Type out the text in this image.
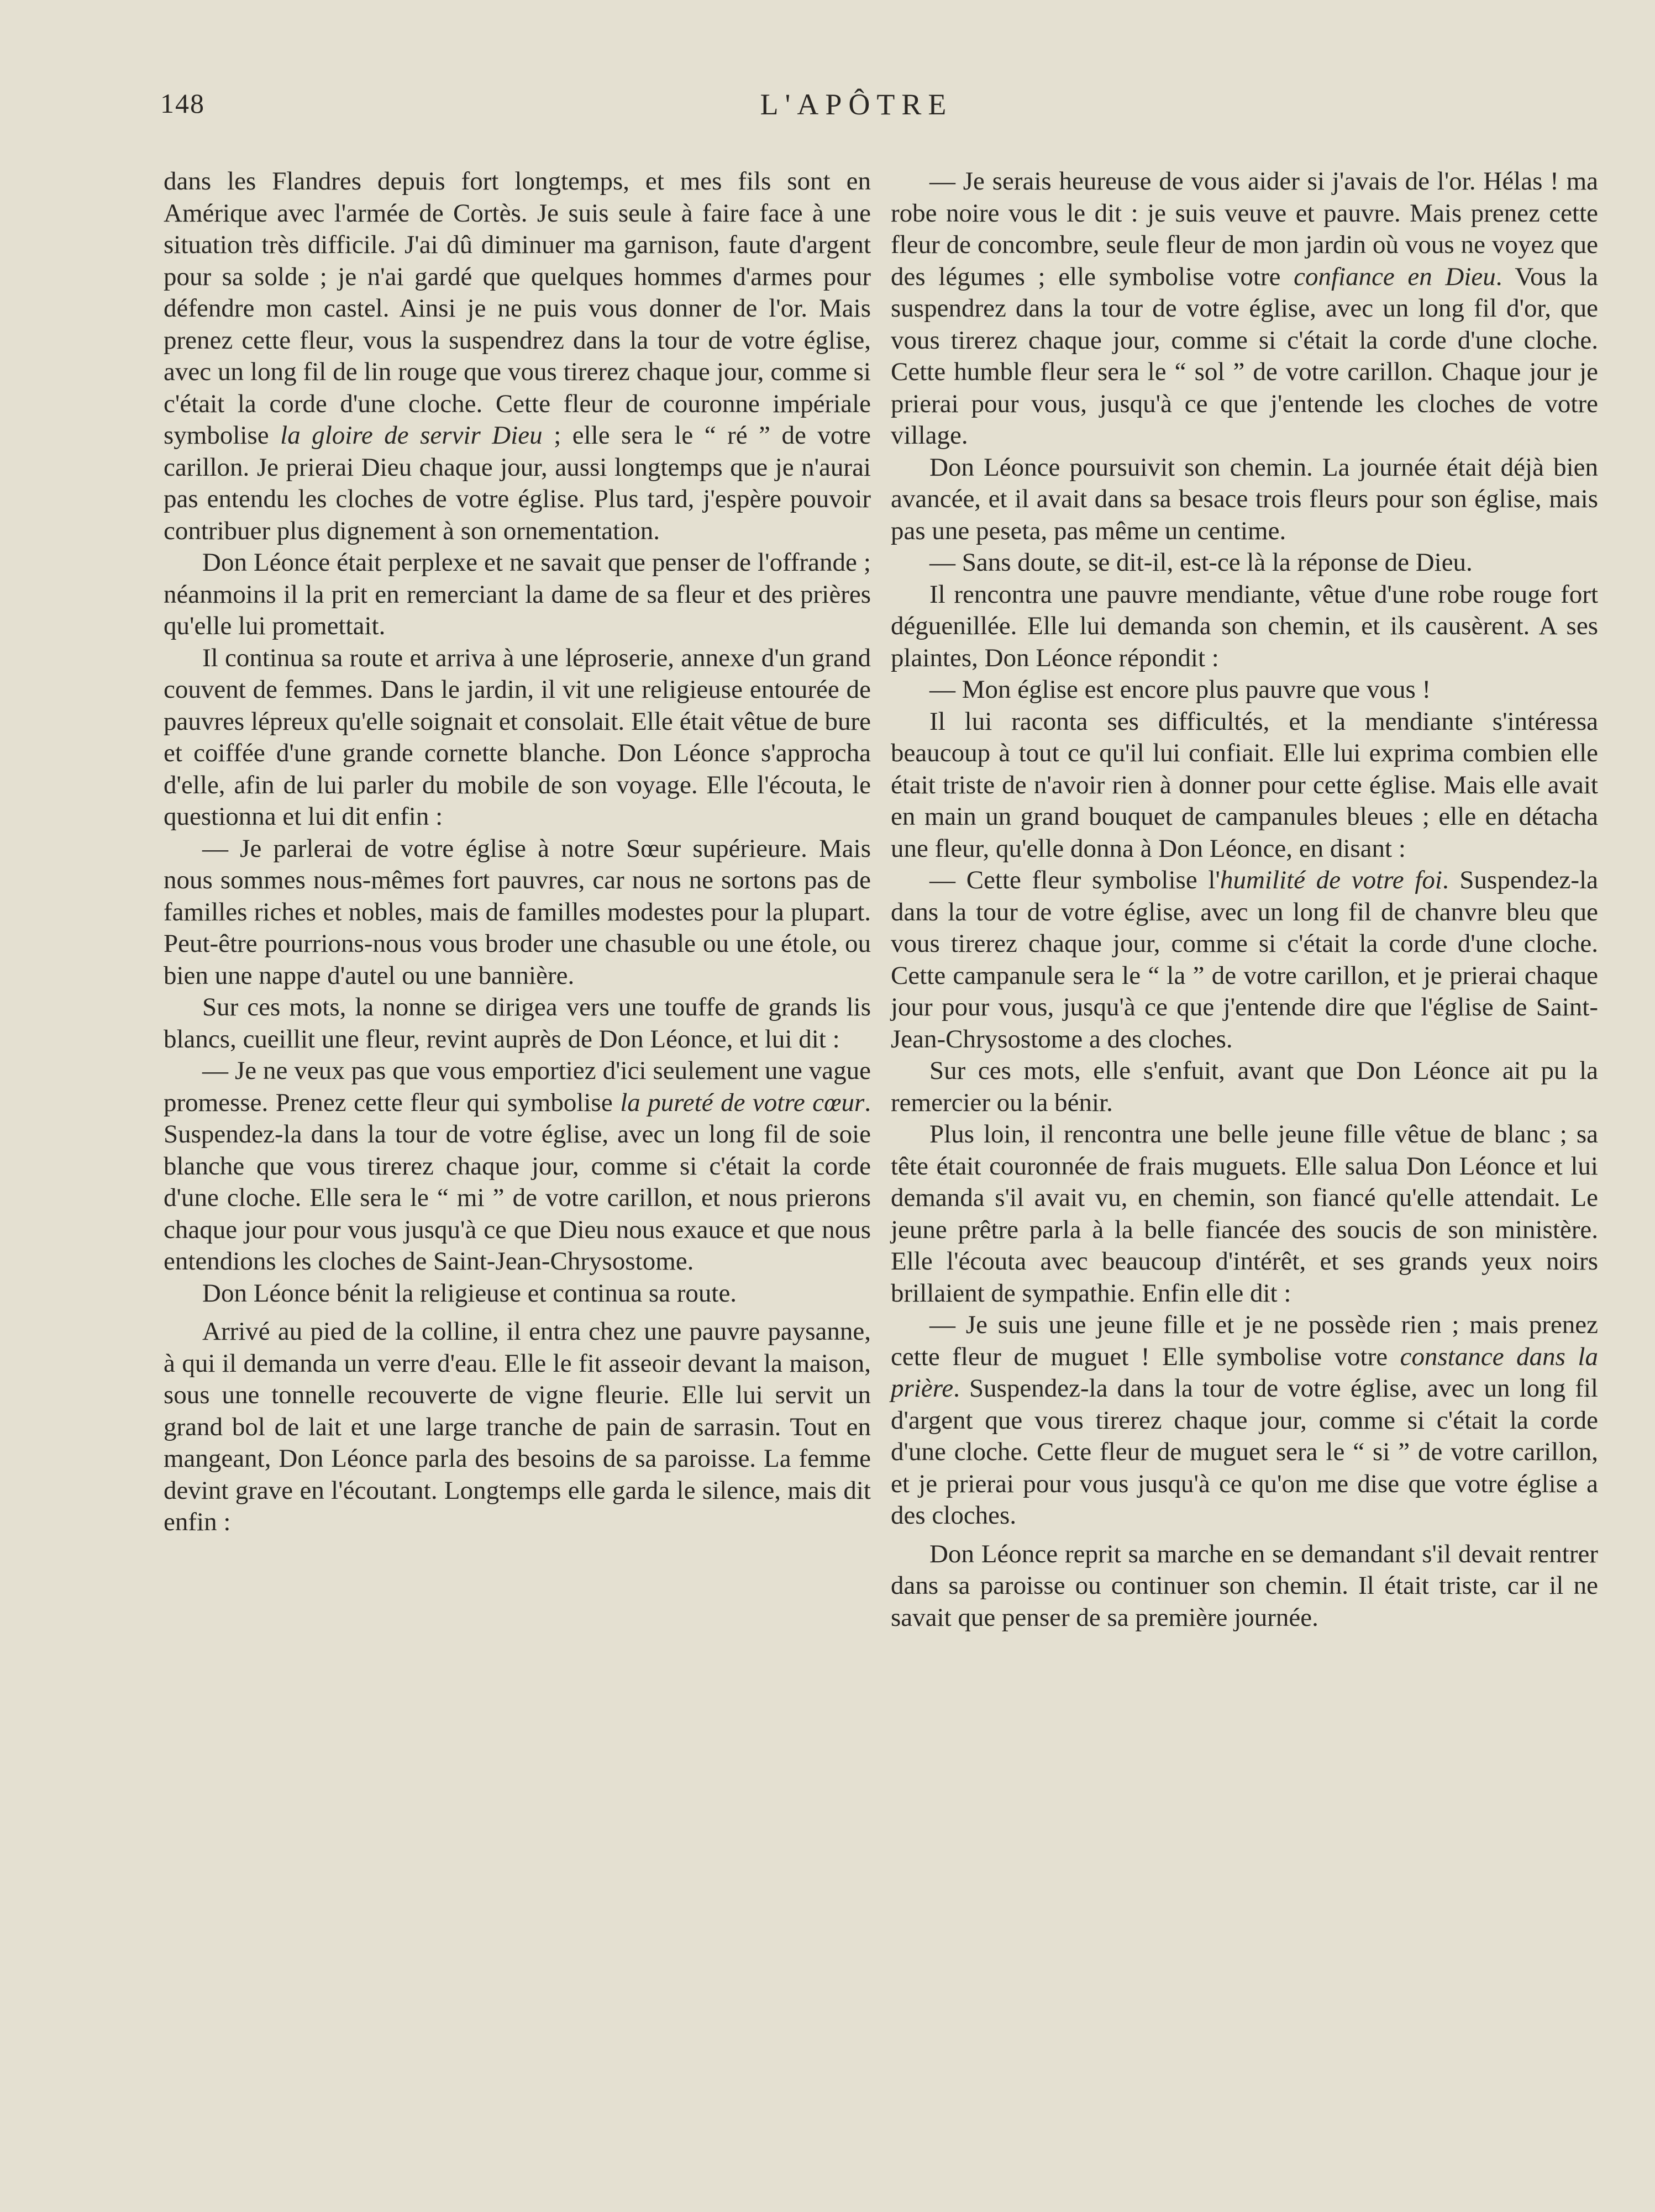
148	L'APÔTRE

dans les Flandres depuis fort longtemps, et mes fils sont en Amérique avec l'armée de Cortès. Je suis seule à faire face à une situation très difficile. J'ai dû diminuer ma garnison, faute d'argent pour sa solde ; je n'ai gardé que quelques hommes d'armes pour défendre mon castel. Ainsi je ne puis vous donner de l'or. Mais prenez cette fleur, vous la suspendrez dans la tour de votre église, avec un long fil de lin rouge que vous tirerez chaque jour, comme si c'était la corde d'une cloche. Cette fleur de couronne impériale symbolise la gloire de servir Dieu ; elle sera le “ ré ” de votre carillon. Je prierai Dieu chaque jour, aussi longtemps que je n'aurai pas entendu les cloches de votre église. Plus tard, j'espère pouvoir contribuer plus dignement à son ornementation.

Don Léonce était perplexe et ne savait que penser de l'offrande ; néanmoins il la prit en remerciant la dame de sa fleur et des prières qu'elle lui promettait.

Il continua sa route et arriva à une léproserie, annexe d'un grand couvent de femmes. Dans le jardin, il vit une religieuse entourée de pauvres lépreux qu'elle soignait et consolait. Elle était vêtue de bure et coiffée d'une grande cornette blanche. Don Léonce s'approcha d'elle, afin de lui parler du mobile de son voyage. Elle l'écouta, le questionna et lui dit enfin :

— Je parlerai de votre église à notre Sœur supérieure. Mais nous sommes nous-mêmes fort pauvres, car nous ne sortons pas de familles riches et nobles, mais de familles modestes pour la plupart. Peut-être pourrions-nous vous broder une chasuble ou une étole, ou bien une nappe d'autel ou une bannière.

Sur ces mots, la nonne se dirigea vers une touffe de grands lis blancs, cueillit une fleur, revint auprès de Don Léonce, et lui dit :

— Je ne veux pas que vous emportiez d'ici seulement une vague promesse. Prenez cette fleur qui symbolise la pureté de votre cœur. Suspendez-la dans la tour de votre église, avec un long fil de soie blanche que vous tirerez chaque jour, comme si c'était la corde d'une cloche. Elle sera le “ mi ” de votre carillon, et nous prierons chaque jour pour vous jusqu'à ce que Dieu nous exauce et que nous entendions les cloches de Saint-Jean-Chrysostome.

Don Léonce bénit la religieuse et continua sa route.

Arrivé au pied de la colline, il entra chez une pauvre paysanne, à qui il demanda un verre d'eau. Elle le fit asseoir devant la maison, sous une tonnelle recouverte de vigne fleurie. Elle lui servit un grand bol de lait et une large tranche de pain de sarrasin. Tout en mangeant, Don Léonce parla des besoins de sa paroisse. La femme devint grave en l'écoutant. Longtemps elle garda le silence, mais dit enfin :

— Je serais heureuse de vous aider si j'avais de l'or. Hélas ! ma robe noire vous le dit : je suis veuve et pauvre. Mais prenez cette fleur de concombre, seule fleur de mon jardin où vous ne voyez que des légumes ; elle symbolise votre confiance en Dieu. Vous la suspendrez dans la tour de votre église, avec un long fil d'or, que vous tirerez chaque jour, comme si c'était la corde d'une cloche. Cette humble fleur sera le “ sol ” de votre carillon. Chaque jour je prierai pour vous, jusqu'à ce que j'entende les cloches de votre village.

Don Léonce poursuivit son chemin. La journée était déjà bien avancée, et il avait dans sa besace trois fleurs pour son église, mais pas une peseta, pas même un centime.

— Sans doute, se dit-il, est-ce là la réponse de Dieu.

Il rencontra une pauvre mendiante, vêtue d'une robe rouge fort déguenillée. Elle lui demanda son chemin, et ils causèrent. A ses plaintes, Don Léonce répondit :

— Mon église est encore plus pauvre que vous !

Il lui raconta ses difficultés, et la mendiante s'intéressa beaucoup à tout ce qu'il lui confiait. Elle lui exprima combien elle était triste de n'avoir rien à donner pour cette église. Mais elle avait en main un grand bouquet de campanules bleues ; elle en détacha une fleur, qu'elle donna à Don Léonce, en disant :

— Cette fleur symbolise l'humilité de votre foi. Suspendez-la dans la tour de votre église, avec un long fil de chanvre bleu que vous tirerez chaque jour, comme si c'était la corde d'une cloche. Cette campanule sera le “ la ” de votre carillon, et je prierai chaque jour pour vous, jusqu'à ce que j'entende dire que l'église de Saint-Jean-Chrysostome a des cloches.

Sur ces mots, elle s'enfuit, avant que Don Léonce ait pu la remercier ou la bénir.

Plus loin, il rencontra une belle jeune fille vêtue de blanc ; sa tête était couronnée de frais muguets. Elle salua Don Léonce et lui demanda s'il avait vu, en chemin, son fiancé qu'elle attendait. Le jeune prêtre parla à la belle fiancée des soucis de son ministère. Elle l'écouta avec beaucoup d'intérêt, et ses grands yeux noirs brillaient de sympathie. Enfin elle dit :

— Je suis une jeune fille et je ne possède rien ; mais prenez cette fleur de muguet ! Elle symbolise votre constance dans la prière. Suspendez-la dans la tour de votre église, avec un long fil d'argent que vous tirerez chaque jour, comme si c'était la corde d'une cloche. Cette fleur de muguet sera le “ si ” de votre carillon, et je prierai pour vous jusqu'à ce qu'on me dise que votre église a des cloches.

Don Léonce reprit sa marche en se demandant s'il devait rentrer dans sa paroisse ou continuer son chemin. Il était triste, car il ne savait que penser de sa première journée.
